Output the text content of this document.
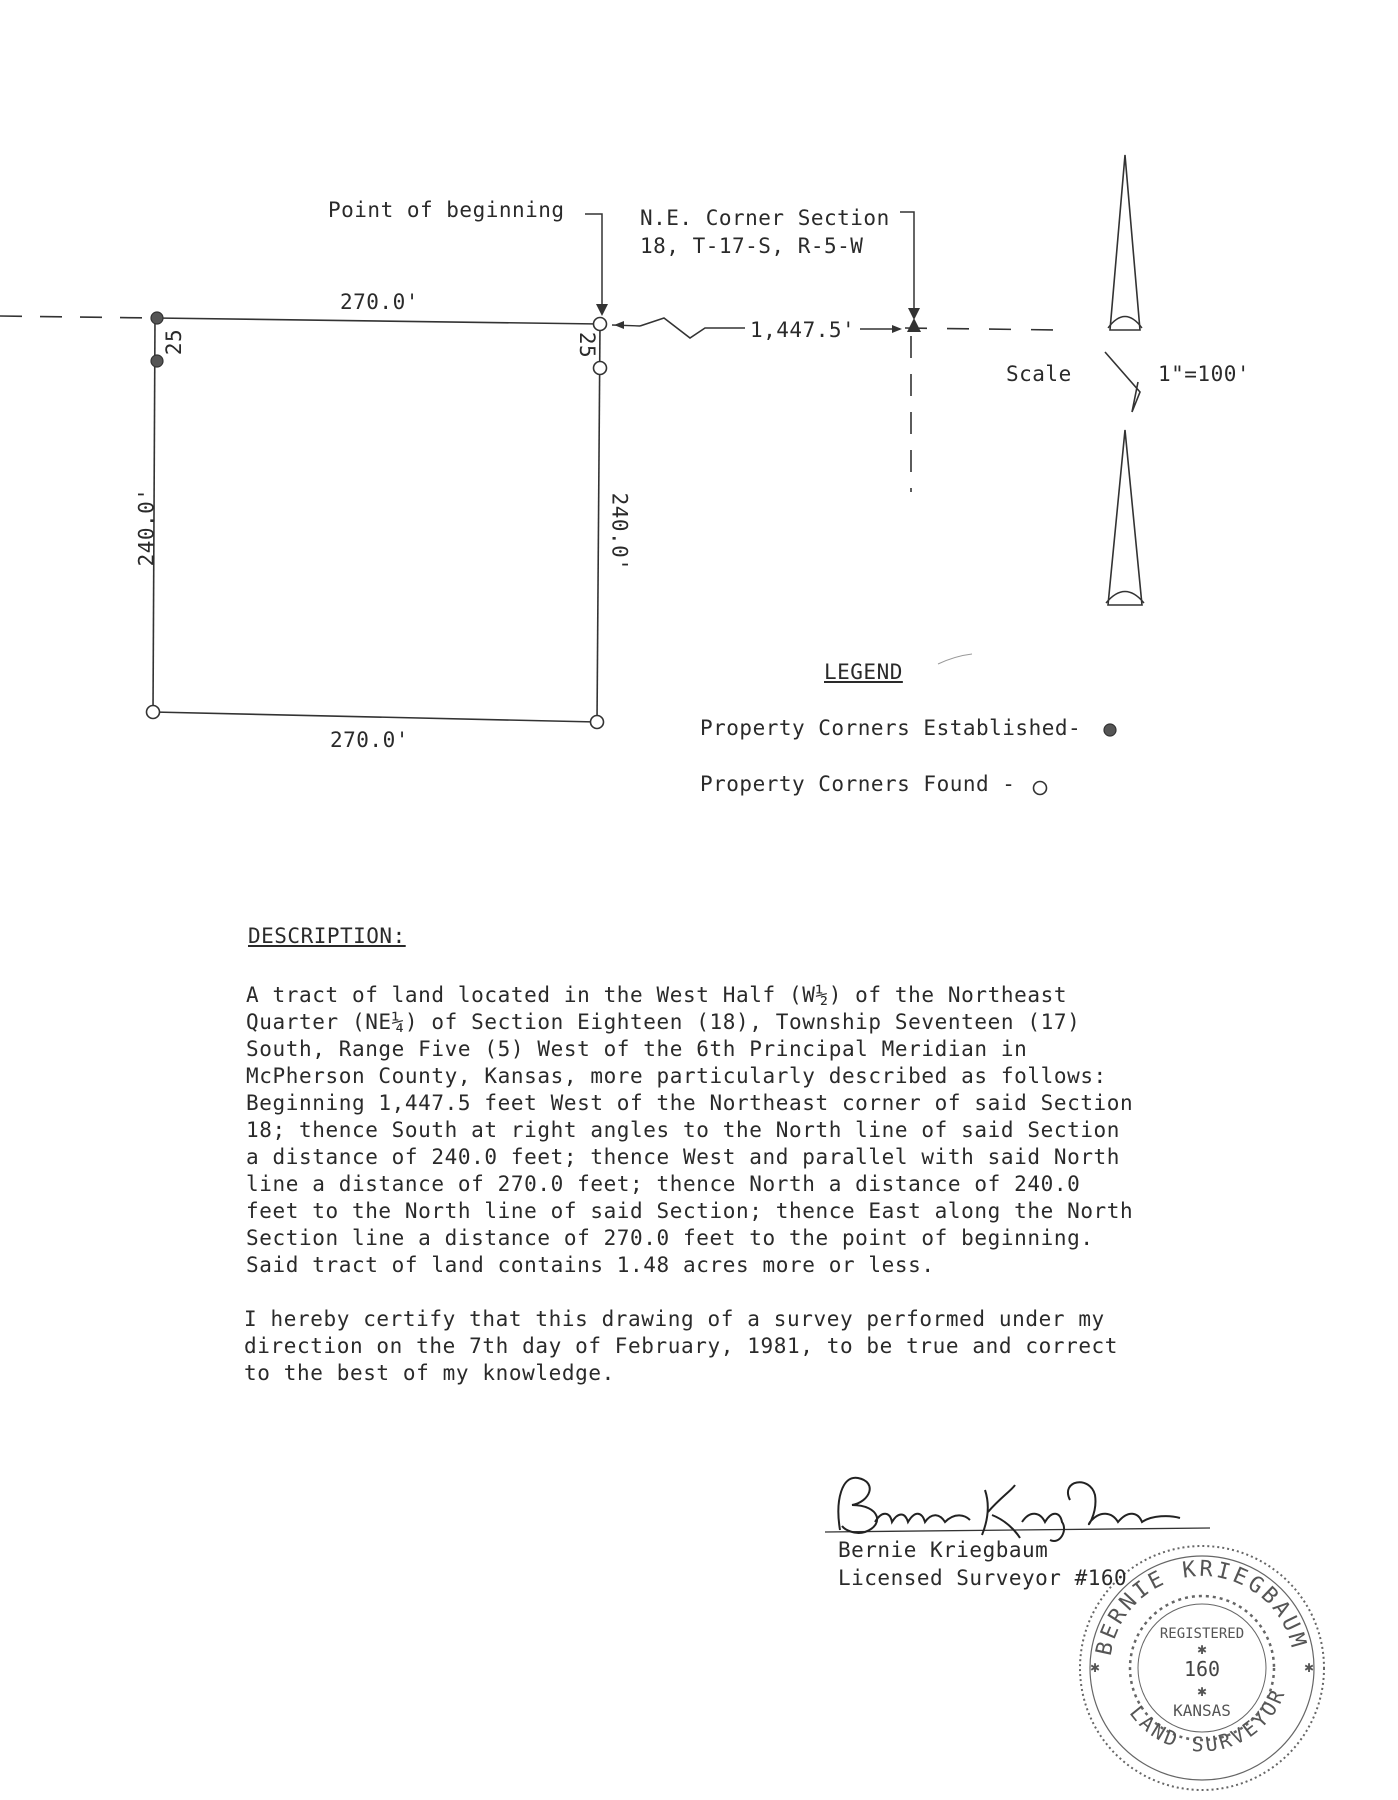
Point of beginning	N.E. Corner Section
18, T-17-S, R-5-W
270.0'
270.0'
240.0'	240.0'
25	25
1,447.5'
Scale	1"=100'
LEGEND
Property Corners Established-
Property Corners Found -
DESCRIPTION:
A tract of land located in the West Half (W½) of the Northeast
Quarter (NE¼) of Section Eighteen (18), Township Seventeen (17)
South, Range Five (5) West of the 6th Principal Meridian in
McPherson County, Kansas, more particularly described as follows:
Beginning 1,447.5 feet West of the Northeast corner of said Section
18; thence South at right angles to the North line of said Section
a distance of 240.0 feet; thence West and parallel with said North
line a distance of 270.0 feet; thence North a distance of 240.0
feet to the North line of said Section; thence East along the North
Section line a distance of 270.0 feet to the point of beginning.
Said tract of land contains 1.48 acres more or less.
I hereby certify that this drawing of a survey performed under my
direction on the 7th day of February, 1981, to be true and correct
to the best of my knowledge.
Bernie Kriegbaum
Licensed Surveyor #160
BERNIE KRIEGBAUM
LAND SURVEYOR
REGISTERED
✱
160
✱
KANSAS
✱	✱
